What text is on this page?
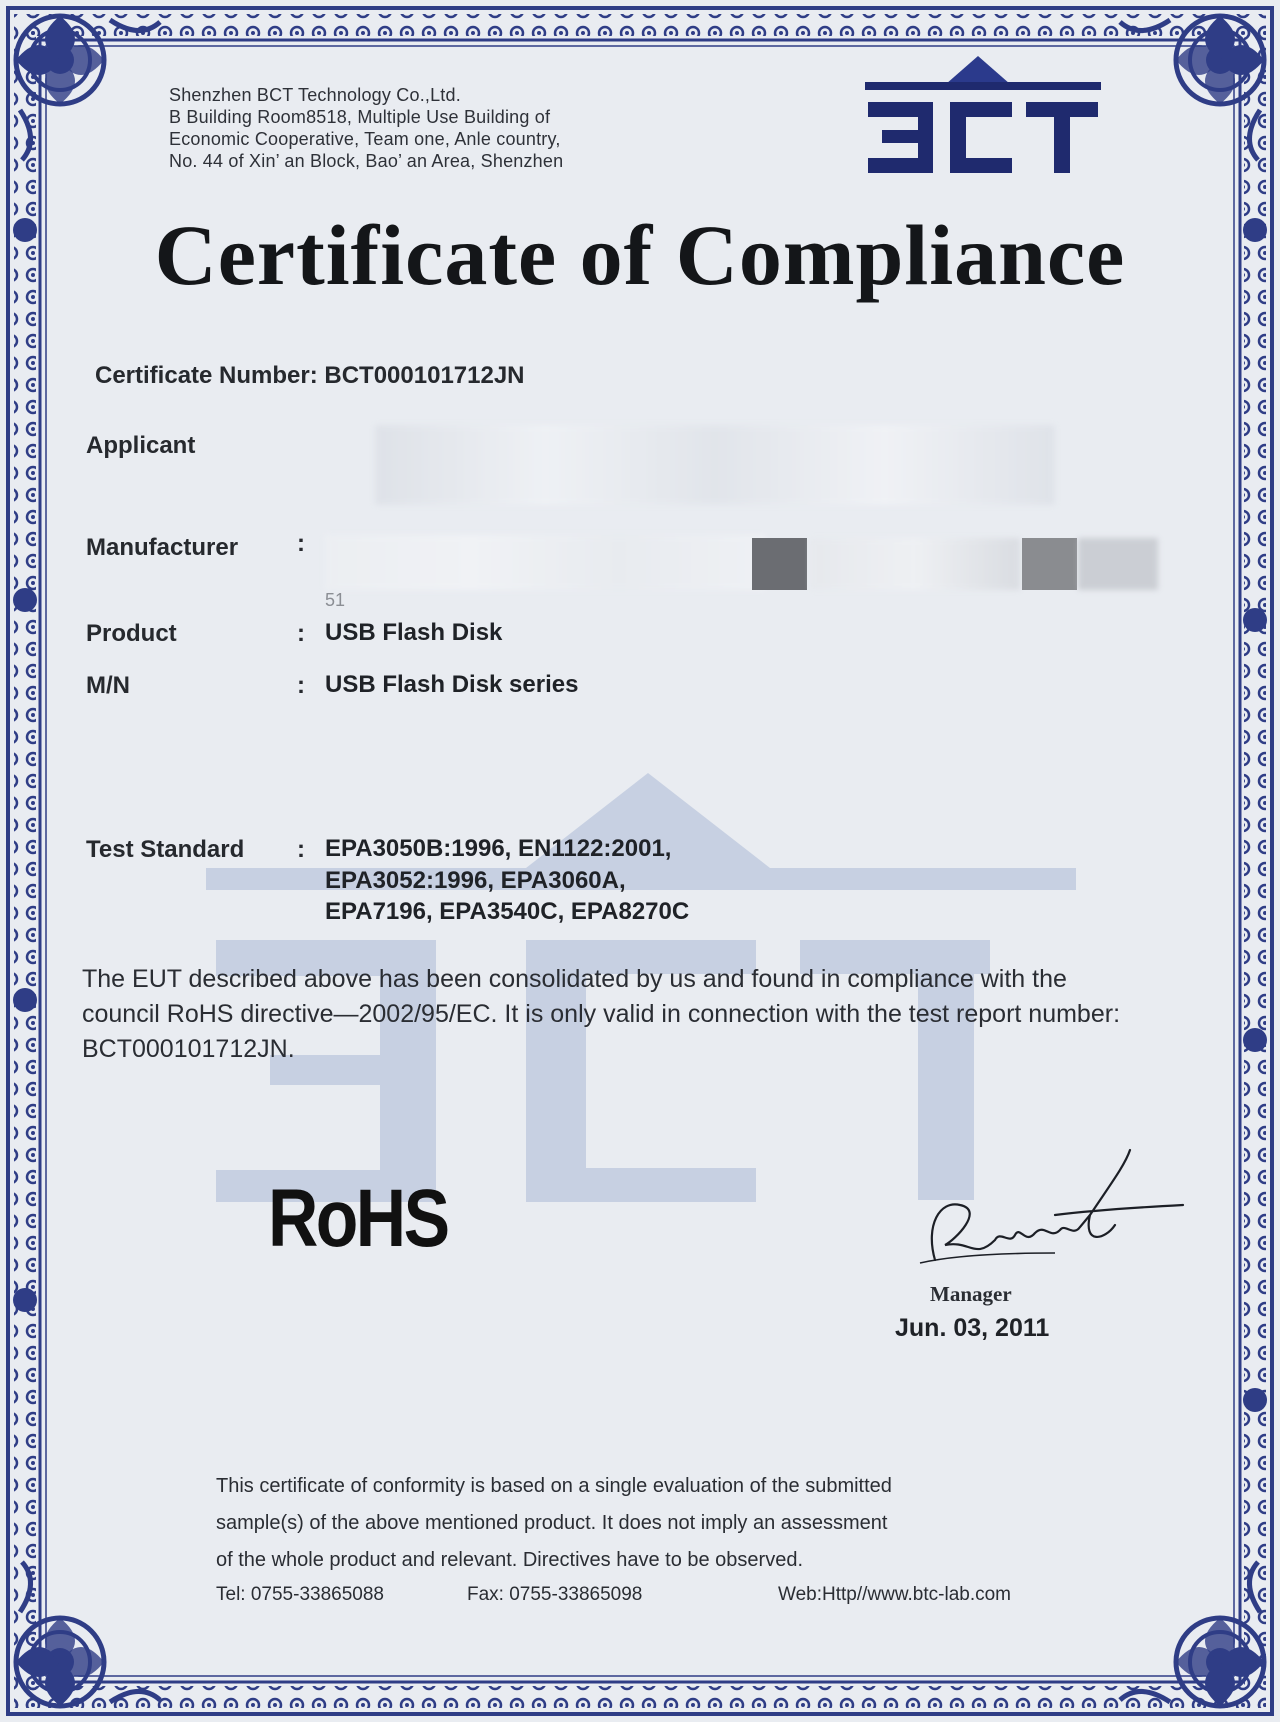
Shenzhen BCT Technology Co.,Ltd.
B Building Room8518, Multiple Use Building of
Economic Cooperative, Team one, Anle country,
No. 44 of Xin’ an Block, Bao’ an Area, Shenzhen
Certificate of Compliance
Certificate Number: BCT000101712JN
Applicant
Manufacturer :
51
Product	: USB Flash Disk
M/N	: USB Flash Disk series
Test Standard : EPA3050B:1996, EN1122:2001,
EPA3052:1996, EPA3060A,
EPA7196, EPA3540C, EPA8270C
The EUT described above has been consolidated by us and found in compliance with the
council RoHS directive—2002/95/EC. It is only valid in connection with the test report number:
BCT000101712JN.
RoHS
Manager
Jun. 03, 2011
This certificate of conformity is based on a single evaluation of the submitted
sample(s) of the above mentioned product. It does not imply an assessment
of the whole product and relevant. Directives have to be observed.
Tel: 0755-33865088	Fax: 0755-33865098	Web:Http//www.btc-lab.com
